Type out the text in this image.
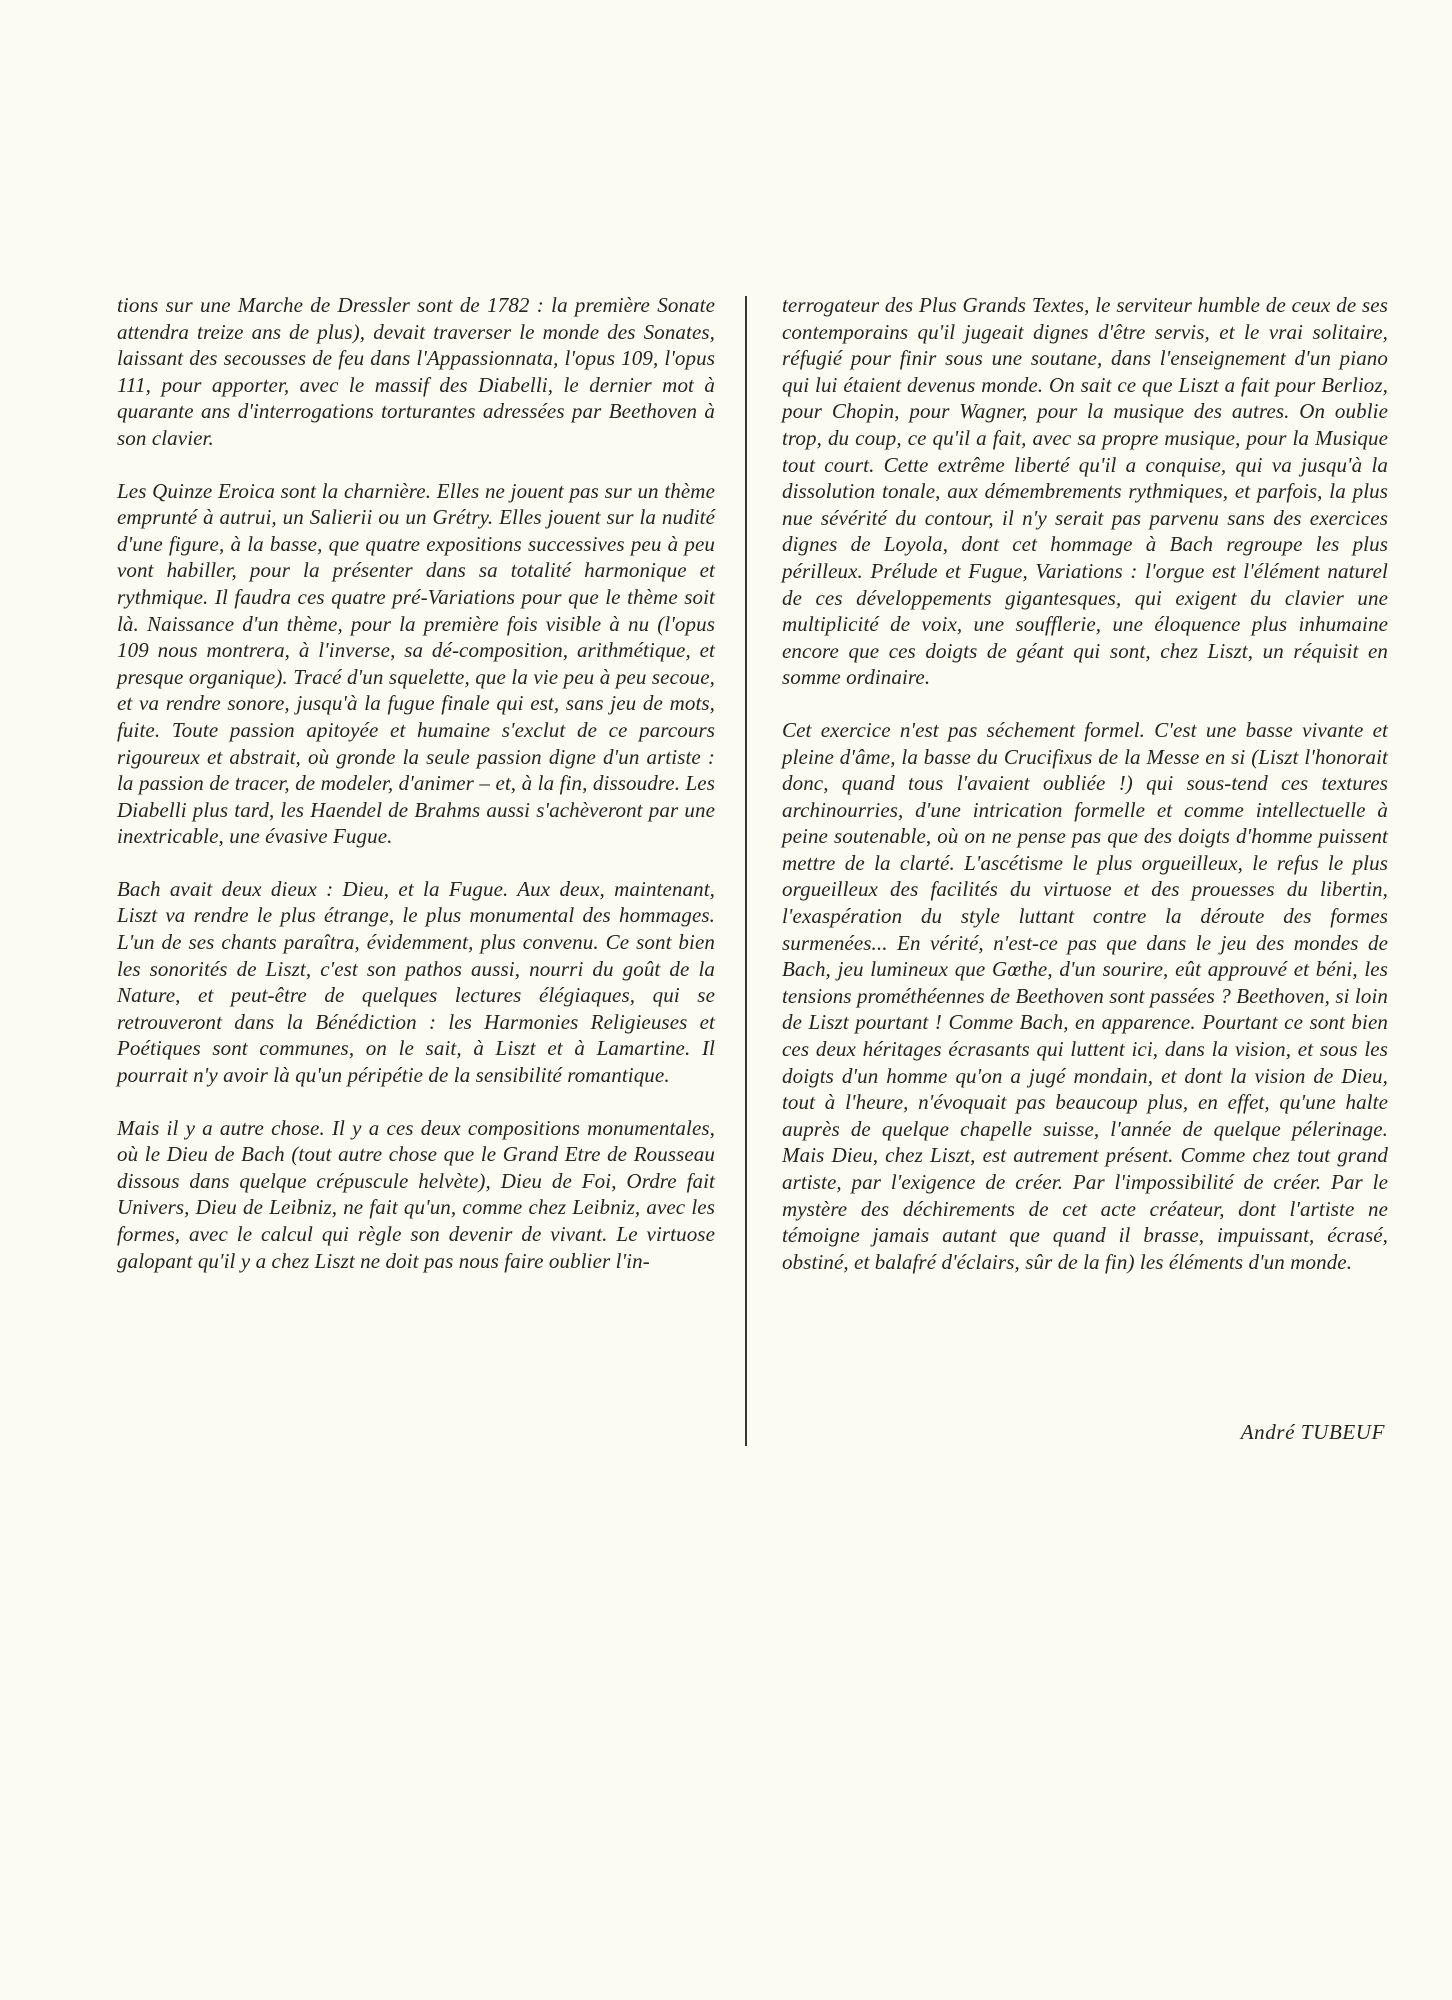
tions sur une Marche de Dressler sont de 1782 : la première Sonate attendra treize ans de plus), devait traverser le monde des Sonates, laissant des secousses de feu dans l'Appassionnata, l'opus 109, l'opus 111, pour apporter, avec le massif des Diabelli, le dernier mot à quarante ans d'interrogations torturantes adressées par Beethoven à son clavier.

Les Quinze Eroica sont la charnière. Elles ne jouent pas sur un thème emprunté à autrui, un Salierii ou un Grétry. Elles jouent sur la nudité d'une figure, à la basse, que quatre expositions successives peu à peu vont habiller, pour la présenter dans sa totalité harmonique et rythmique. Il faudra ces quatre pré-Variations pour que le thème soit là. Naissance d'un thème, pour la première fois visible à nu (l'opus 109 nous montrera, à l'inverse, sa dé-composition, arithmétique, et presque organique). Tracé d'un squelette, que la vie peu à peu secoue, et va rendre sonore, jusqu'à la fugue finale qui est, sans jeu de mots, fuite. Toute passion apitoyée et humaine s'exclut de ce parcours rigoureux et abstrait, où gronde la seule passion digne d'un artiste : la passion de tracer, de modeler, d'animer – et, à la fin, dissoudre. Les Diabelli plus tard, les Haendel de Brahms aussi s'achèveront par une inextricable, une évasive Fugue.

Bach avait deux dieux : Dieu, et la Fugue. Aux deux, maintenant, Liszt va rendre le plus étrange, le plus monumental des hommages. L'un de ses chants paraîtra, évidemment, plus convenu. Ce sont bien les sonorités de Liszt, c'est son pathos aussi, nourri du goût de la Nature, et peut-être de quelques lectures élégiaques, qui se retrouveront dans la Bénédiction : les Harmonies Religieuses et Poétiques sont communes, on le sait, à Liszt et à Lamartine. Il pourrait n'y avoir là qu'un péripétie de la sensibilité romantique.

Mais il y a autre chose. Il y a ces deux compositions monumentales, où le Dieu de Bach (tout autre chose que le Grand Etre de Rousseau dissous dans quelque crépuscule helvète), Dieu de Foi, Ordre fait Univers, Dieu de Leibniz, ne fait qu'un, comme chez Leibniz, avec les formes, avec le calcul qui règle son devenir de vivant. Le virtuose galopant qu'il y a chez Liszt ne doit pas nous faire oublier l'in-

terrogateur des Plus Grands Textes, le serviteur humble de ceux de ses contemporains qu'il jugeait dignes d'être servis, et le vrai solitaire, réfugié pour finir sous une soutane, dans l'enseignement d'un piano qui lui étaient devenus monde. On sait ce que Liszt a fait pour Berlioz, pour Chopin, pour Wagner, pour la musique des autres. On oublie trop, du coup, ce qu'il a fait, avec sa propre musique, pour la Musique tout court. Cette extrême liberté qu'il a conquise, qui va jusqu'à la dissolution tonale, aux démembrements rythmiques, et parfois, la plus nue sévérité du contour, il n'y serait pas parvenu sans des exercices dignes de Loyola, dont cet hommage à Bach regroupe les plus périlleux. Prélude et Fugue, Variations : l'orgue est l'élément naturel de ces développements gigantesques, qui exigent du clavier une multiplicité de voix, une soufflerie, une éloquence plus inhumaine encore que ces doigts de géant qui sont, chez Liszt, un réquisit en somme ordinaire.

Cet exercice n'est pas séchement formel. C'est une basse vivante et pleine d'âme, la basse du Crucifixus de la Messe en si (Liszt l'honorait donc, quand tous l'avaient oubliée !) qui sous-tend ces textures archinourries, d'une intrication formelle et comme intellectuelle à peine soutenable, où on ne pense pas que des doigts d'homme puissent mettre de la clarté. L'ascétisme le plus orgueilleux, le refus le plus orgueilleux des facilités du virtuose et des prouesses du libertin, l'exaspération du style luttant contre la déroute des formes surmenées... En vérité, n'est-ce pas que dans le jeu des mondes de Bach, jeu lumineux que Gœthe, d'un sourire, eût approuvé et béni, les tensions prométhéennes de Beethoven sont passées ? Beethoven, si loin de Liszt pourtant ! Comme Bach, en apparence. Pourtant ce sont bien ces deux héritages écrasants qui luttent ici, dans la vision, et sous les doigts d'un homme qu'on a jugé mondain, et dont la vision de Dieu, tout à l'heure, n'évoquait pas beaucoup plus, en effet, qu'une halte auprès de quelque chapelle suisse, l'année de quelque pélerinage. Mais Dieu, chez Liszt, est autrement présent. Comme chez tout grand artiste, par l'exigence de créer. Par l'impossibilité de créer. Par le mystère des déchirements de cet acte créateur, dont l'artiste ne témoigne jamais autant que quand il brasse, impuissant, écrasé, obstiné, et balafré d'éclairs, sûr de la fin) les éléments d'un monde.

André TUBEUF
